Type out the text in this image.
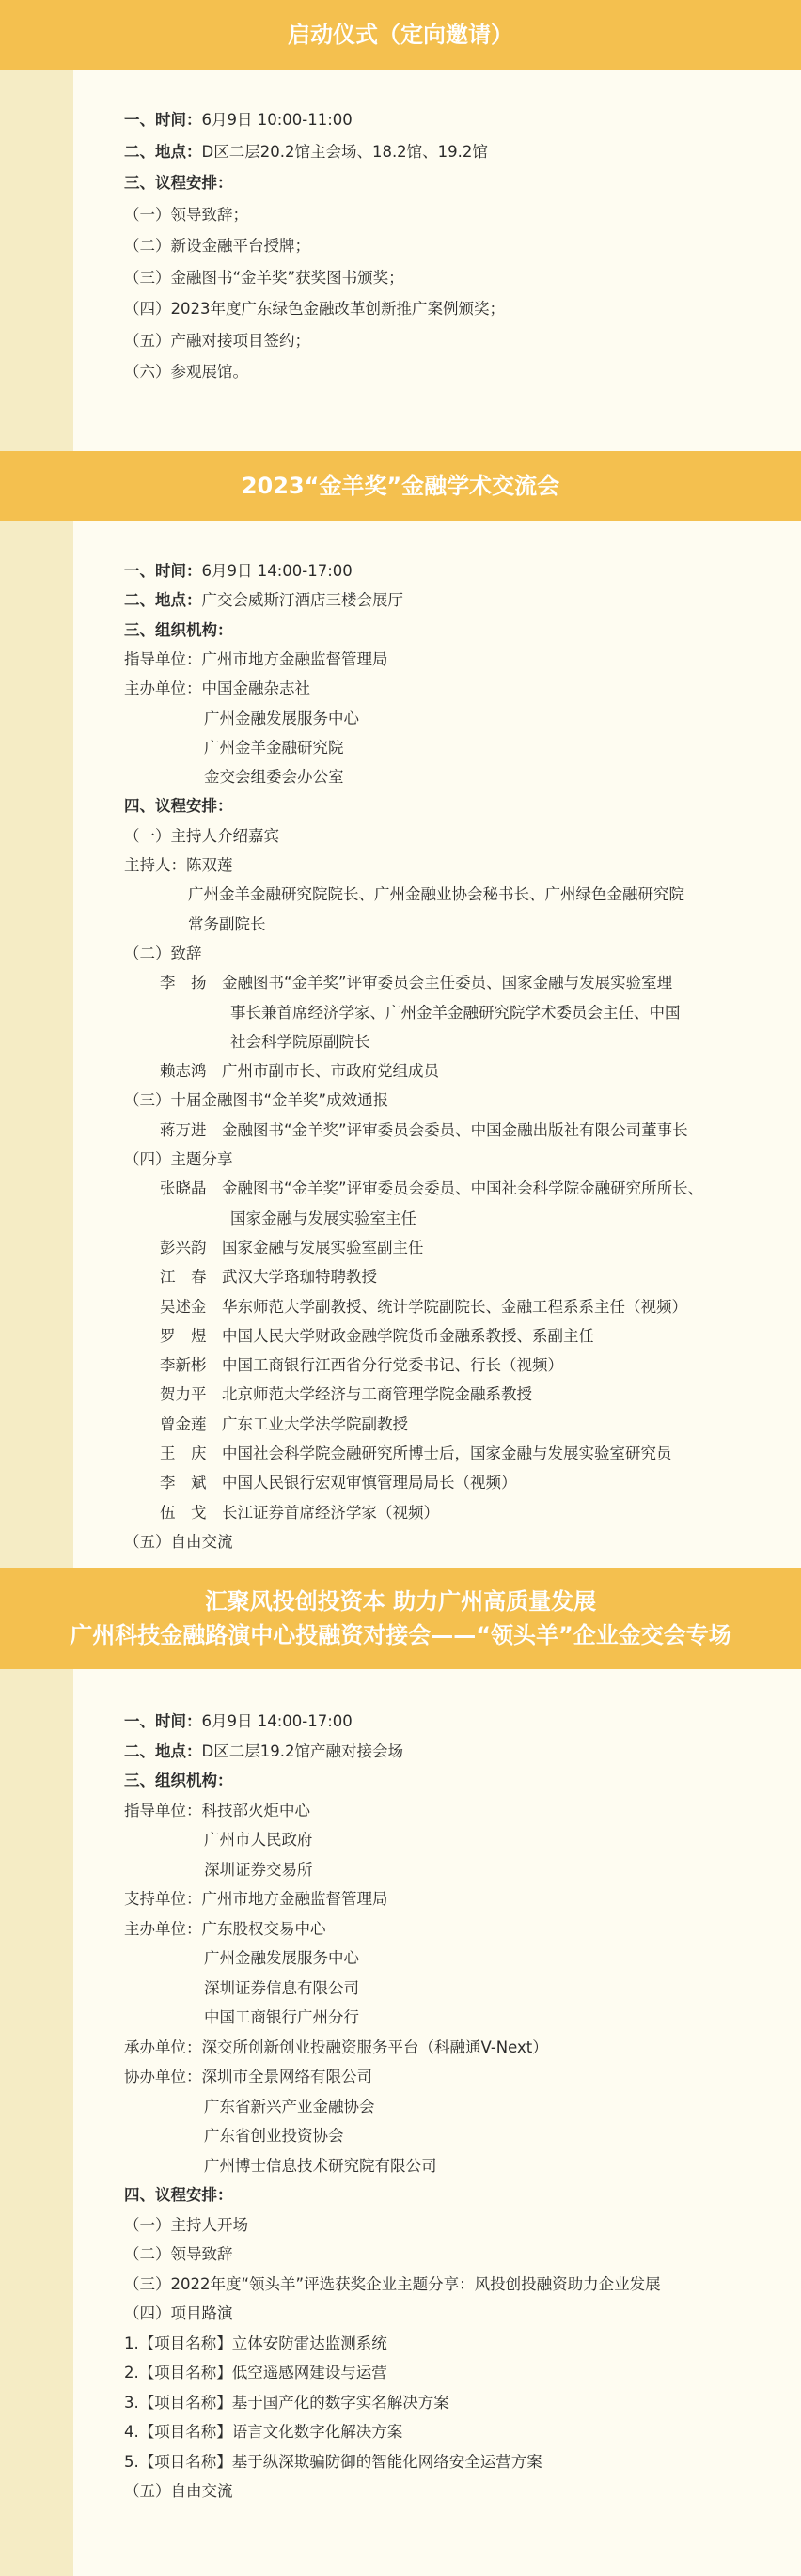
启动仪式（定向邀请）
2023“金羊奖”金融学术交流会
汇聚风投创投资本 助力广州高质量发展
广州科技金融路演中心投融资对接会——“领头羊”企业金交会专场
一、时间：6月9日 10:00-11:00
二、地点：D区二层20.2馆主会场、18.2馆、19.2馆
三、议程安排：
（一）领导致辞；
（二）新设金融平台授牌；
（三）金融图书“金羊奖”获奖图书颁奖；
（四）2023年度广东绿色金融改革创新推广案例颁奖；
（五）产融对接项目签约；
（六）参观展馆。
一、时间：6月9日 14:00-17:00
二、地点：广交会威斯汀酒店三楼会展厅
三、组织机构：
指导单位：广州市地方金融监督管理局
主办单位：中国金融杂志社
广州金融发展服务中心
广州金羊金融研究院
金交会组委会办公室
四、议程安排：
（一）主持人介绍嘉宾
主持人：陈双莲
广州金羊金融研究院院长、广州金融业协会秘书长、广州绿色金融研究院
常务副院长
（二）致辞
李　扬　金融图书“金羊奖”评审委员会主任委员、国家金融与发展实验室理
事长兼首席经济学家、广州金羊金融研究院学术委员会主任、中国
社会科学院原副院长
赖志鸿　广州市副市长、市政府党组成员
（三）十届金融图书“金羊奖”成效通报
蒋万进　金融图书“金羊奖”评审委员会委员、中国金融出版社有限公司董事长
（四）主题分享
张晓晶　金融图书“金羊奖”评审委员会委员、中国社会科学院金融研究所所长、
国家金融与发展实验室主任
彭兴韵　国家金融与发展实验室副主任
江　春　武汉大学珞珈特聘教授
吴述金　华东师范大学副教授、统计学院副院长、金融工程系系主任（视频）
罗　煜　中国人民大学财政金融学院货币金融系教授、系副主任
李新彬　中国工商银行江西省分行党委书记、行长（视频）
贺力平　北京师范大学经济与工商管理学院金融系教授
曾金莲　广东工业大学法学院副教授
王　庆　中国社会科学院金融研究所博士后，国家金融与发展实验室研究员
李　斌　中国人民银行宏观审慎管理局局长（视频）
伍　戈　长江证券首席经济学家（视频）
（五）自由交流
一、时间：6月9日 14:00-17:00
二、地点：D区二层19.2馆产融对接会场
三、组织机构：
指导单位：科技部火炬中心
广州市人民政府
深圳证券交易所
支持单位：广州市地方金融监督管理局
主办单位：广东股权交易中心
广州金融发展服务中心
深圳证券信息有限公司
中国工商银行广州分行
承办单位：深交所创新创业投融资服务平台（科融通V-Next）
协办单位：深圳市全景网络有限公司
广东省新兴产业金融协会
广东省创业投资协会
广州博士信息技术研究院有限公司
四、议程安排：
（一）主持人开场
（二）领导致辞
（三）2022年度“领头羊”评选获奖企业主题分享：风投创投融资助力企业发展
（四）项目路演
1.【项目名称】立体安防雷达监测系统
2.【项目名称】低空遥感网建设与运营
3.【项目名称】基于国产化的数字实名解决方案
4.【项目名称】语言文化数字化解决方案
5.【项目名称】基于纵深欺骗防御的智能化网络安全运营方案
（五）自由交流
